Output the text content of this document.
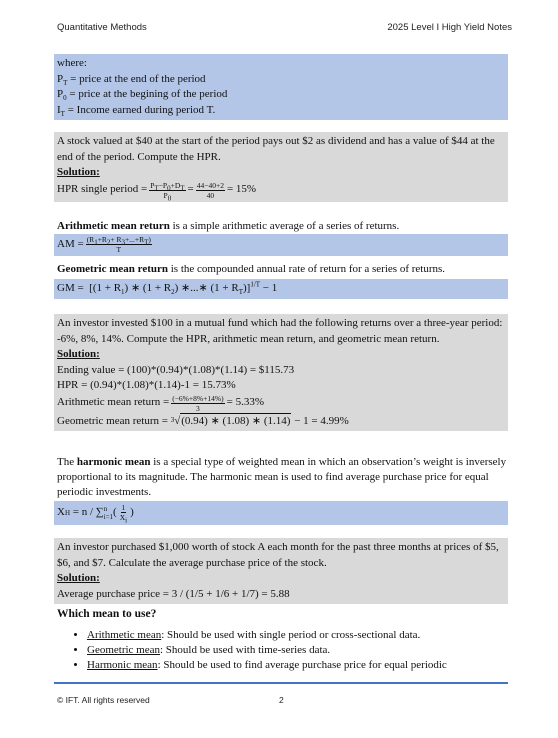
Quantitative Methods	2025 Level I High Yield Notes
where:
$P_T$ = price at the end of the period
$P_0$ = price at the begining of the period
$I_T$ = Income earned during period T.
A stock valued at $40 at the start of the period pays out $2 as dividend and has a value of $44 at the end of the period. Compute the HPR.
Solution:

HPR single period = $\frac{P_T-P_0+D_T}{P_0} = \frac{44-40+2}{40} = 15\%$
Arithmetic mean return is a simple arithmetic average of a series of returns.
AM = $\frac{(R_1+R_2+ R_3+...+R_T)}{T}$
Geometric mean return is the compounded annual rate of return for a series of returns.
GM =  [$(1 + R_1)$ ∗ $(1 + R_2)$ ∗...∗ $(1 + R_T)]^{1/T} - 1$
An investor invested $100 in a mutual fund which had the following returns over a three-year period: -6%, 8%, 14%. Compute the HPR, arithmetic mean return, and geometric mean return.
Solution:
Ending value = (100)*(0.94)*(1.08)*(1.14) = $115.73
HPR = (0.94)*(1.08)*(1.14)-1 = 15.73%

Arithmetic mean return = $\frac{(-6\%+8\%+14\%)}{3} = 5.33\%$

Geometric mean return = $^3$√(0.94) ∗ (1.08) ∗ (1.14) − 1 = 4.99%
The harmonic mean is a special type of weighted mean in which an observation’s weight is inversely proportional to its magnitude. The harmonic mean is used to find average purchase price for equal periodic investments.
X H = n / ∑ n
i=1 ( $\frac{1}{X_i}$ )
An investor purchased $1,000 worth of stock A each month for the past three months at prices of $5, $6, and $7. Calculate the average purchase price of the stock.
Solution:
Average purchase price = 3 / (1/5 + 1/6 + 1/7) = 5.88
Which mean to use?
• Arithmetic mean: Should be used with single period or cross-sectional data.
• Geometric mean: Should be used with time-series data.
• Harmonic mean: Should be used to find average purchase price for equal periodic
© IFT. All rights reserved	2
